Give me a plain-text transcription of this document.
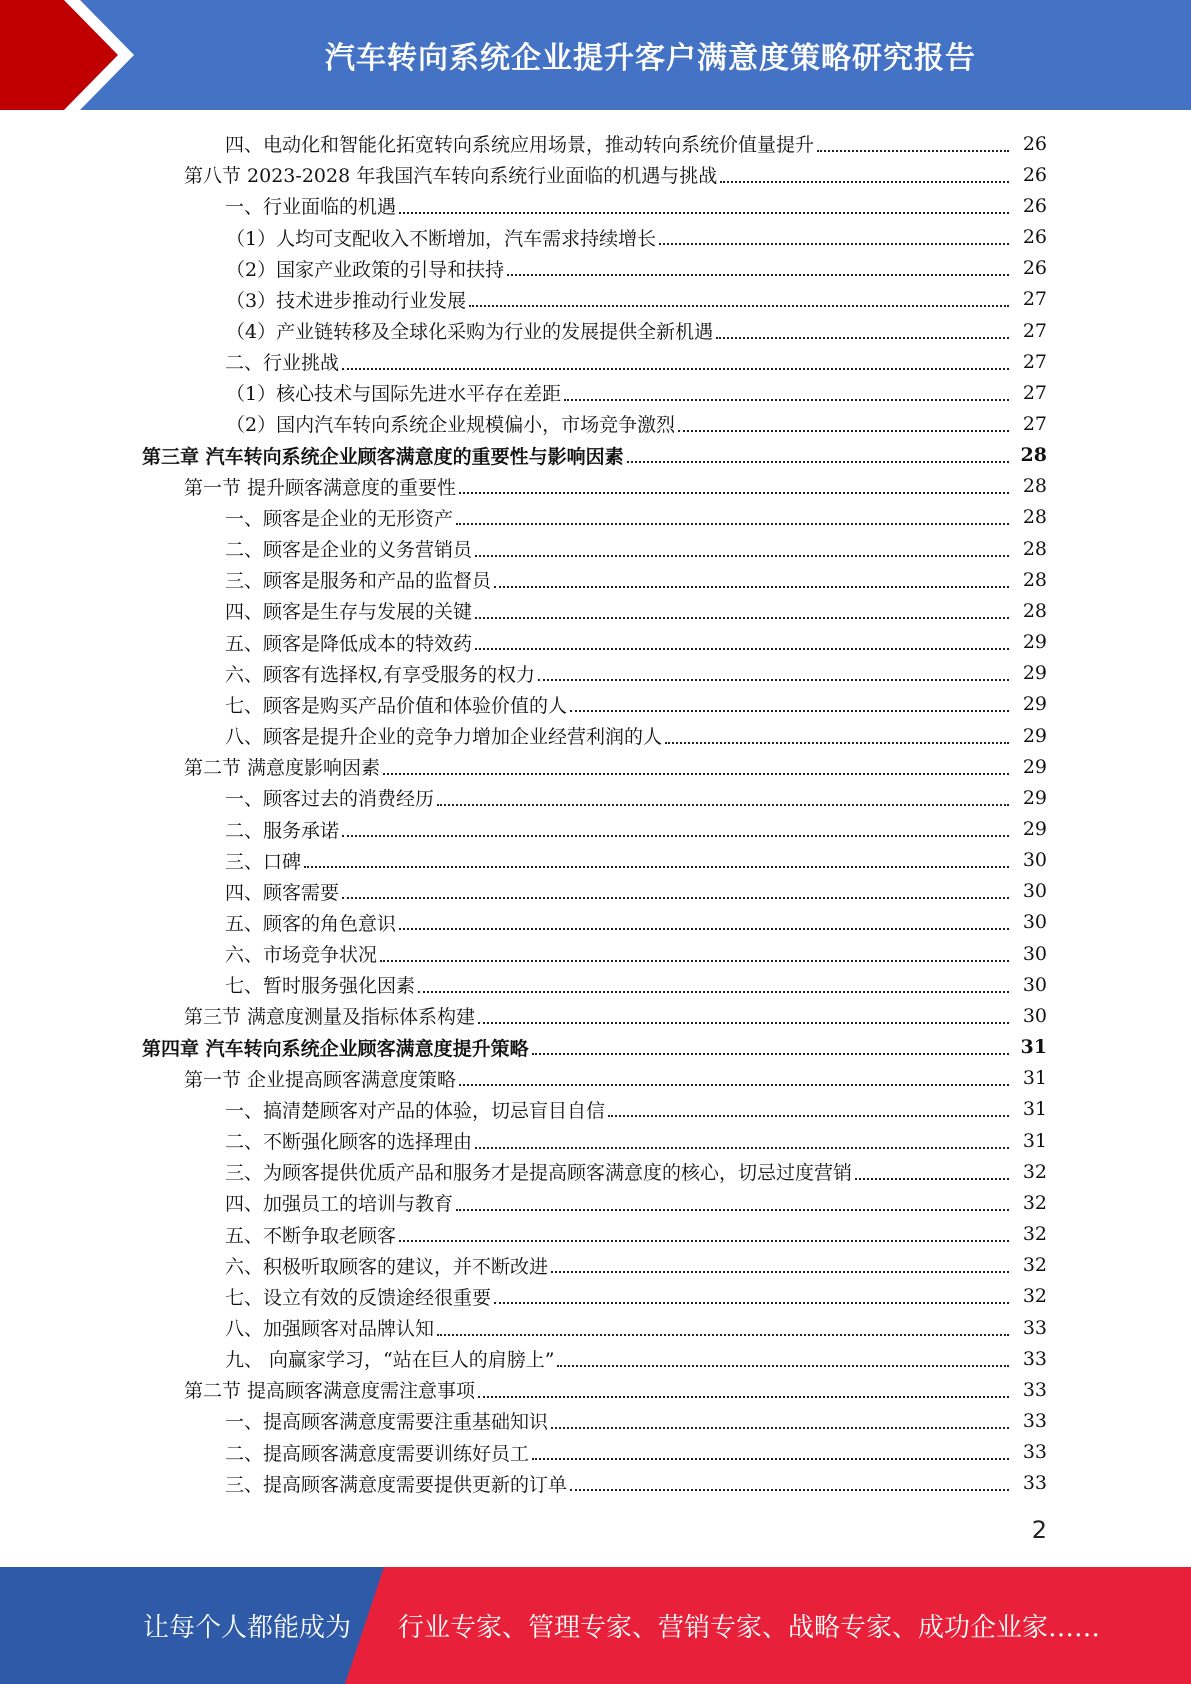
汽车转向系统企业提升客户满意度策略研究报告
四、电动化和智能化拓宽转向系统应用场景，推动转向系统价值量提升	26
第八节 2023-2028 年我国汽车转向系统行业面临的机遇与挑战	26
一、行业面临的机遇	26
（1）人均可支配收入不断增加，汽车需求持续增长	26
（2）国家产业政策的引导和扶持	26
（3）技术进步推动行业发展	27
（4）产业链转移及全球化采购为行业的发展提供全新机遇	27
二、行业挑战	27
（1）核心技术与国际先进水平存在差距	27
（2）国内汽车转向系统企业规模偏小，市场竞争激烈	27
第三章 汽车转向系统企业顾客满意度的重要性与影响因素	28
第一节 提升顾客满意度的重要性	28
一、顾客是企业的无形资产	28
二、顾客是企业的义务营销员	28
三、顾客是服务和产品的监督员	28
四、顾客是生存与发展的关键	28
五、顾客是降低成本的特效药	29
六、顾客有选择权,有享受服务的权力	29
七、顾客是购买产品价值和体验价值的人	29
八、顾客是提升企业的竞争力增加企业经营利润的人	29
第二节 满意度影响因素	29
一、顾客过去的消费经历	29
二、服务承诺	29
三、口碑	30
四、顾客需要	30
五、顾客的角色意识	30
六、市场竞争状况	30
七、暂时服务强化因素	30
第三节 满意度测量及指标体系构建	30
第四章 汽车转向系统企业顾客满意度提升策略	31
第一节 企业提高顾客满意度策略	31
一、搞清楚顾客对产品的体验，切忌盲目自信	31
二、不断强化顾客的选择理由	31
三、为顾客提供优质产品和服务才是提高顾客满意度的核心，切忌过度营销	32
四、加强员工的培训与教育	32
五、不断争取老顾客	32
六、积极听取顾客的建议，并不断改进	32
七、设立有效的反馈途经很重要	32
八、加强顾客对品牌认知	33
九、 向赢家学习，“站在巨人的肩膀上”	33
第二节 提高顾客满意度需注意事项	33
一、提高顾客满意度需要注重基础知识	33
二、提高顾客满意度需要训练好员工	33
三、提高顾客满意度需要提供更新的订单	33
2
让每个人都能成为 行业专家、管理专家、营销专家、战略专家、成功企业家……
